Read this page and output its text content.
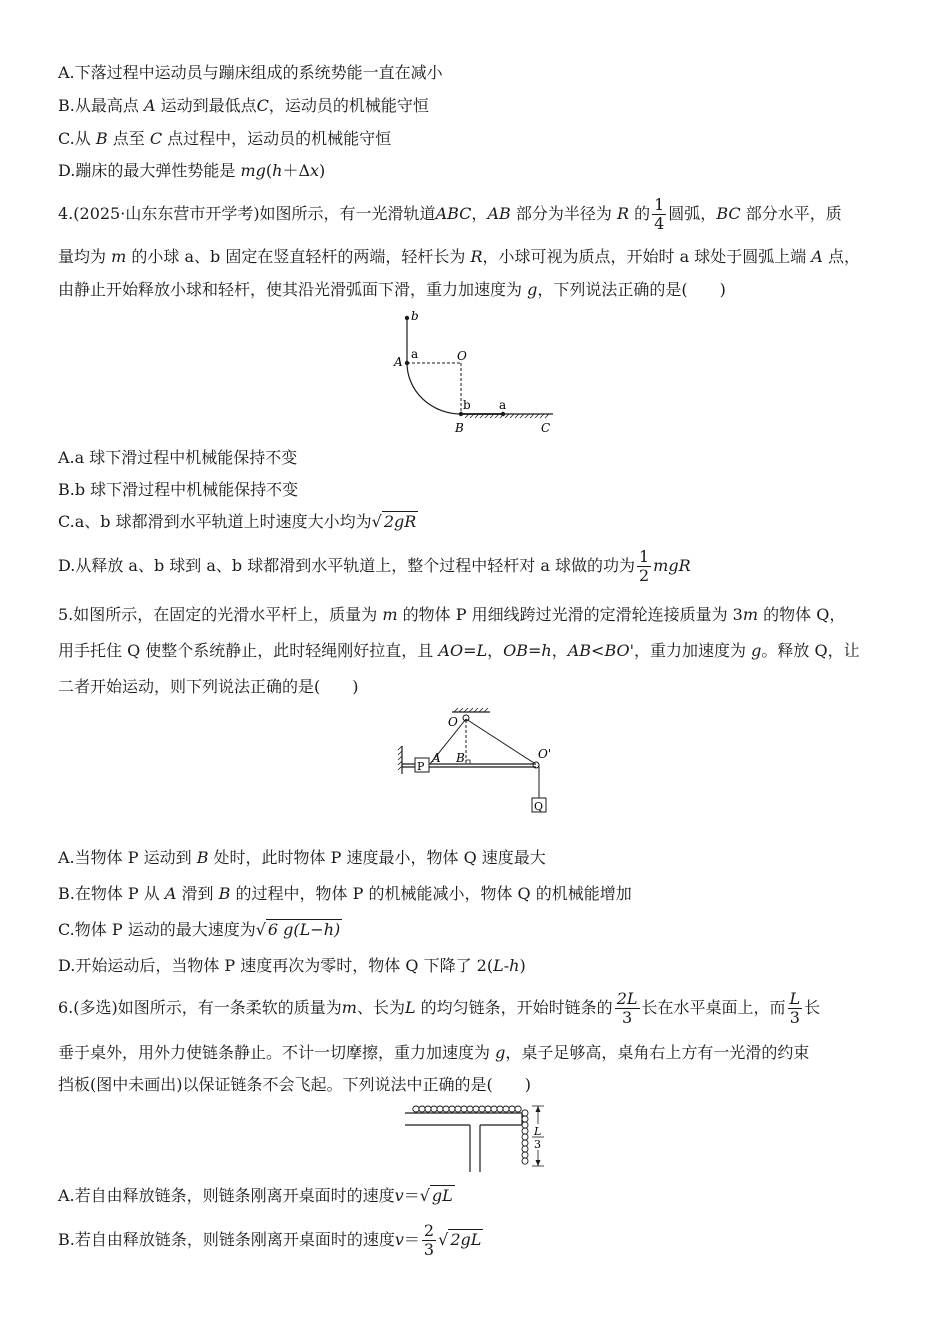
A.下落过程中运动员与蹦床组成的系统势能一直在减小
B.从最高点 A 运动到最低点C，运动员的机械能守恒
C.从 B 点至 C 点过程中，运动员的机械能守恒
D.蹦床的最大弹性势能是 mg(h＋Δx)
4.(2025·山东东营市开学考)如图所示，有一光滑轨道ABC，AB 部分为半径为 R 的 $\frac{1}{4}$ 圆弧，BC 部分水平，质
量均为 m 的小球 a、b 固定在竖直轻杆的两端，轻杆长为 R，小球可视为质点，开始时 a 球处于圆弧上端 A 点，
由静止开始释放小球和轻杆，使其沿光滑弧面下滑，重力加速度为 g，下列说法正确的是(　　)
b
A
a	O
b a
B	C
A.a 球下滑过程中机械能保持不变
B.b 球下滑过程中机械能保持不变
C.a、b 球都滑到水平轨道上时速度大小均为√ 2gR
D.从释放 a、b 球到 a、b 球都滑到水平轨道上，整个过程中轻杆对 a 球做的功为 $\frac{1}{2}$ mgR
5.如图所示，在固定的光滑水平杆上，质量为 m 的物体 P 用细线跨过光滑的定滑轮连接质量为 3m 的物体 Q，
用手托住 Q 使整个系统静止，此时轻绳刚好拉直，且 AO=L，OB=h，AB<BO'，重力加速度为 g。释放 Q，让
二者开始运动，则下列说法正确的是(　　)
O
P
A B	O'
Q
A.当物体 P 运动到 B 处时，此时物体 P 速度最小，物体 Q 速度最大
B.在物体 P 从 A 滑到 B 的过程中，物体 P 的机械能减小，物体 Q 的机械能增加
C.物体 P 运动的最大速度为√ 6 g(L−h)
D.开始运动后，当物体 P 速度再次为零时，物体 Q 下降了 2(L-h)
6.(多选)如图所示，有一条柔软的质量为m、长为L 的均匀链条，开始时链条的 $\frac{2L}{3}$ 长在水平桌面上，而 $\frac{L}{3}$ 长
垂于桌外，用外力使链条静止。不计一切摩擦，重力加速度为 g，桌子足够高，桌角右上方有一光滑的约束
挡板(图中未画出)以保证链条不会飞起。下列说法中正确的是(　　)
L
3
A.若自由释放链条，则链条刚离开桌面时的速度v＝√ gL
B.若自由释放链条，则链条刚离开桌面时的速度$v= \frac{2}{3}$ √ 2gL
